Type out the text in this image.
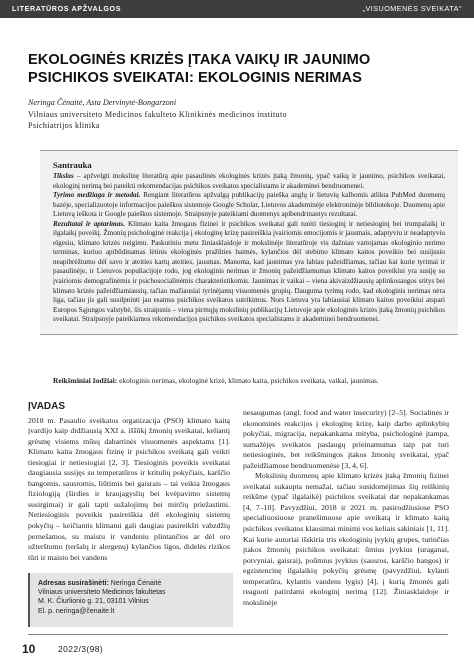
LITERATŪROS APŽVALGOS	„VISUOMENĖS SVEIKATA"
EKOLOGINĖS KRIZĖS ĮTAKA VAIKŲ IR JAUNIMO
PSICHIKOS SVEIKATAI: EKOLOGINIS NERIMAS
Neringa Čėnaitė, Asta Dervinytė-Bongarzoni
Vilniaus universiteto Medicinos fakulteto Klinikinės medicinos instituto
Psichiatrijos klinika
Santrauka

Tikslas – apžvelgti mokslinę literatūrą apie pasaulinės ekologinės krizės įtaką žmonių, ypač vaikų ir jaunimo, psichikos sveikatai, ekologinį nerimą bei pateikti rekomendacijas psichikos sveikatos specialistams ir akademinei bendruomenei.

Tyrimo medžiaga ir metodai. Rengiant literatūros apžvalgą publikacijų paieška anglų ir lietuvių kalbomis atlikta PubMed duomenų bazėje, specializuotoje informacijos paieškos sistemoje Google Scholar, Lietuvos akademinėje elektroninėje bibliotekoje. Duomenų apie Lietuvą ieškota ir Google paieškos sistemoje. Straipsnyje pateikiami duomenys apibendrinantys rezultatai.

Rezultatai ir aptarimas. Klimato kaita žmogaus fizinei ir psichikos sveikatai gali turėti tiesioginį ir netiesioginį bei trumpalaikį ir ilgalaikį poveikį. Žmonių psichologinė reakcija į ekologinę krizę pasireiškia įvairiomis emocijomis ir jausmais, adaptyviu ir neadaptyviu elgesiu, klimato krizės neigimu. Paskutiniu metu žiniasklaidoje ir mokslinėje literatūroje vis dažniau vartojamas ekologinio nerimo terminas, kuriuo apibūdinamas lėtinis ekologinės pražūties baimės, kylančios dėl stebimo klimato kaitos poveikio bei susijusio neapibrėžtumo dėl savo ir ateities kartų ateities, jausmas. Manoma, kad jaunimas yra labiau pažeidžiamas, tačiau kai kurie tyrimai ir pasaulinėje, ir Lietuvos populiacijoje rodo, jog ekologinis nerimas ir žmonių pažeidžiamumas klimato kaitos poveikiui yra susiję su įvairiomis demografinėmis ir psichosocialinėmis charakteristikomis. Jaunimas ir vaikai – viena akivaizdžiausių aplinkosaugos sritys bei klimato krizės pažeidžiamiausių, tačiau mažiausiai tyrinėjamų visuomenės grupių. Dauguma tyrimų rodo, kad ekologinis nerimas nėra liga, tačiau jis gali susilpninti jau esamus psichikos sveikatos sutrikimus. Nors Lietuva yra labiausiai klimato kaitos poveikiui atspari Europos Sąjungos valstybė, šis straipsnis – viena pirmųjų mokslinių publikacijų Lietuvoje apie ekologinės krizės įtaką žmonių psichikos sveikatai. Straipsnyje pateikiamos rekomendacijos psichikos sveikatos specialistams ir akademinei bendruomenei.

Reikšminiai žodžiai: ekologinis nerimas, ekologinė krizė, klimato kaita, psichikos sveikata, vaikai, jaunimas.
ĮVADAS

2018 m. Pasaulio sveikatos organizacija (PSO) klimato kaitą įvardijo kaip didžiausią XXI a. iššūkį žmonių sveikatai, keliantį grėsmę visiems mūsų dabartinės visuomenės aspektams [1]. Klimato kaita žmogaus fizinę ir psichikos sveikatą gali veikti tiesiogiai ir netiesiogiai [2, 3]. Tiesioginis poveikis sveikatai daugiausia susijęs su temperatūros ir kritulių pokyčiais, karščio bangomis, sausromis, liūtimis bei gaisrais – tai veikia žmogaus fiziologiją (širdies ir kraujagyslių bei kvėpavimo sistemų susirgimai) ir gali tapti sužalojimų bei mirčių priežastimi. Netiesioginis poveikis pasireiškia dėl ekologinių sistemų pokyčių – keičiantis klimatui gali daugiau pasireikšti vabzdžių pernešamos, su maistu ir vandeniu plintančios ar dėl oro užterštumo (teršalų ir alergenų) kylančios ligos, didelės rizikos tūri ir maisto bei vandens

nesaugumas (angl. food and water insecurity) [2–5]. Socialinės ir ekonominės reakcijos į ekologinę krizę, kaip darbo aplinkybių pokyčiai, migracija, nepakankama mityba, psichologinė įtampa, sumažėjęs sveikatos paslaugų prieinamumas taip pat turi netiesioginės, bet reikšmingos įtakos žmonių sveikatai, ypač pažeidžiamose bendruomenėse [3, 4, 6].

Mokslinių duomenų apie klimato krizės įtaką žmonių fizinei sveikatai sukaupta nemažai, tačiau susidomėjimas šių reiškinių reikšme (ypač ilgalaikė) psichikos sveikatai dar nepakankamas [4, 7–10]. Pavyzdžiui, 2018 ir 2021 m. pasirodžiusiose PSO specialiuosiuose pranešimuose apie sveikatą ir klimato kaitą psichikos sveikatos klausimai minimi vos keliais sakiniais [1, 11]. Kai kurie autoriai išskiria tris ekologinių įvykių grupes, turinčias įtakos žmonių psichikos sveikatai: ūmius įvykius (uraganai, potvyniai, gaisrai), poūmius įvykius (sausros, karščio bangos) ir egzistencinę ilgalaikių pokyčių grėsmę (pavyzdžiui, kylanti temperatūra, kylantis vandens lygis) [4], į kurią žmonės gali reaguoti patirdami ekologinį nerimą [12]. Žiniasklaidoje ir mokslinėje

Adresas susirašinėti: Neringa Čėnaitė
Vilniaus universiteto Medicinos fakultetas
M. K. Čiurlionio g. 21, 03101 Vilnius
El. p. neringa@čenaite.lt
10	2022/3(98)
